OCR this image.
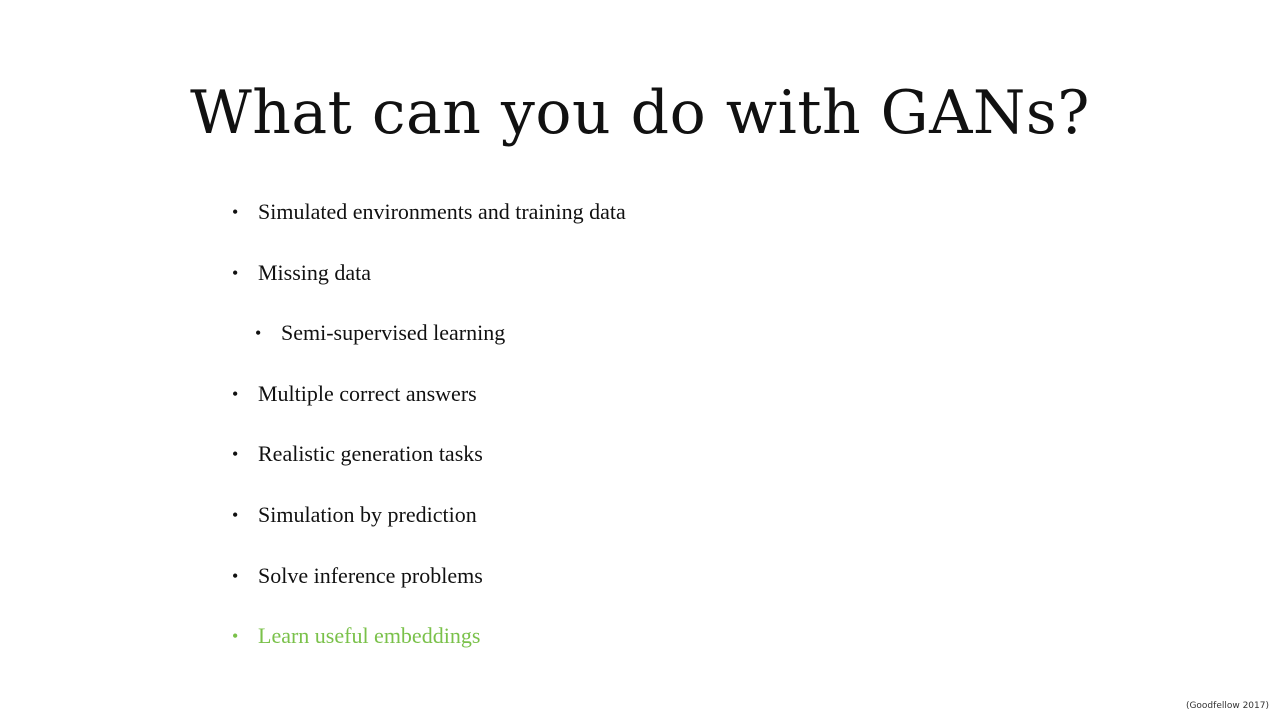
What can you do with GANs?
• Simulated environments and training data
• Missing data
• Semi-supervised learning
• Multiple correct answers
• Realistic generation tasks
• Simulation by prediction
• Solve inference problems
• Learn useful embeddings
(Goodfellow 2017)
